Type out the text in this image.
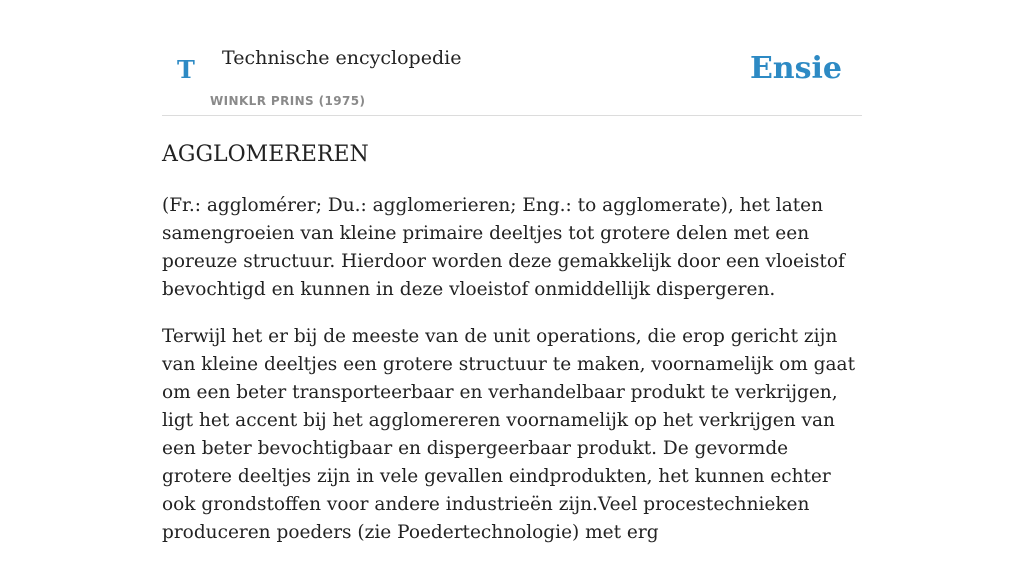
T Technische encyclopedie
WINKLR PRINS (1975)
Ensie
AGGLOMEREREN

(Fr.: agglomérer; Du.: agglomerieren; Eng.: to agglomerate), het laten samengroeien van kleine primaire deeltjes tot grotere delen met een poreuze structuur. Hierdoor worden deze gemakkelijk door een vloeistof bevochtigd en kunnen in deze vloeistof onmiddellijk dispergeren.

Terwijl het er bij de meeste van de unit operations, die erop gericht zijn van kleine deeltjes een grotere structuur te maken, voornamelijk om gaat om een beter transporteerbaar en verhandelbaar produkt te verkrijgen, ligt het accent bij het agglomereren voornamelijk op het verkrijgen van een beter bevochtigbaar en dispergeerbaar produkt. De gevormde grotere deeltjes zijn in vele gevallen eindprodukten, het kunnen echter ook grondstoffen voor andere industrieën zijn.Veel procestechnieken produceren poeders (zie Poedertechnologie) met erg
